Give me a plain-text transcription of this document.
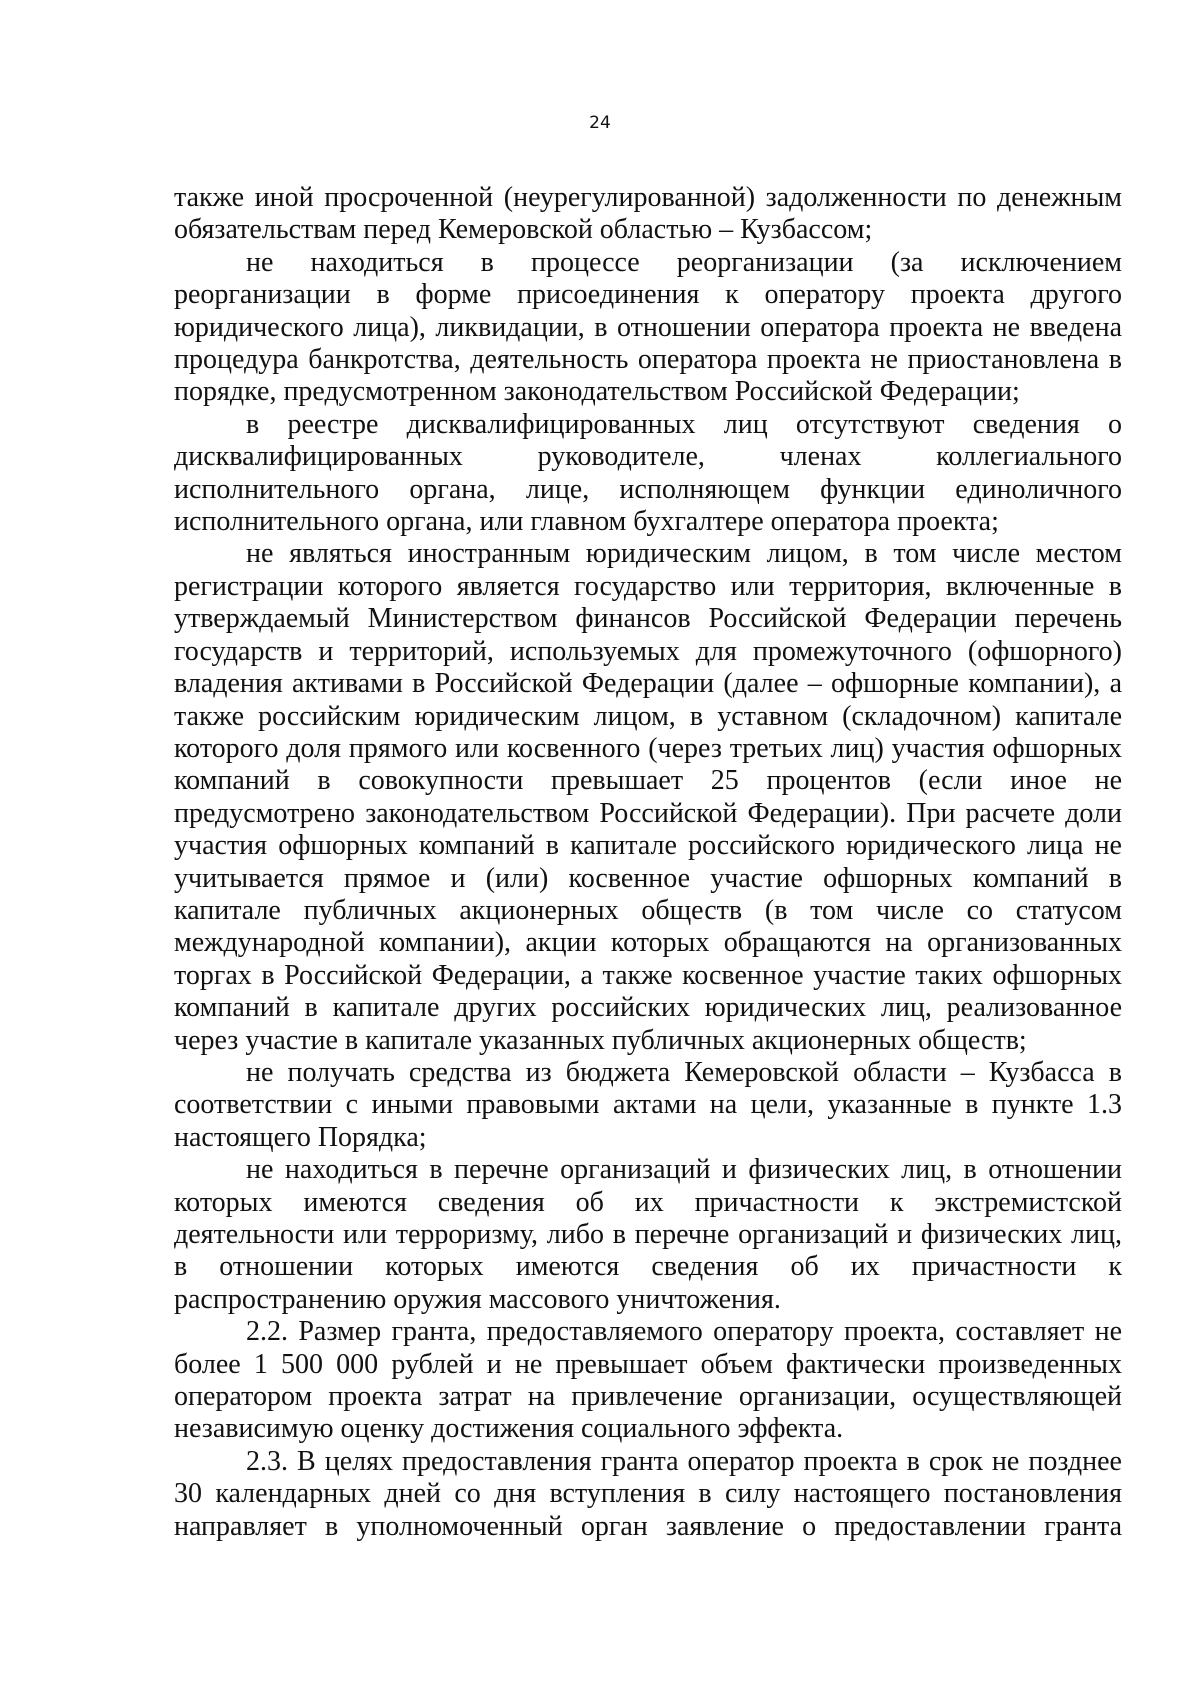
24

также иной просроченной (неурегулированной) задолженности по денежным обязательствам перед Кемеровской областью – Кузбассом;

не находиться в процессе реорганизации (за исключением реорганизации в форме присоединения к оператору проекта другого юридического лица), ликвидации, в отношении оператора проекта не введена процедура банкротства, деятельность оператора проекта не приостановлена в порядке, предусмотренном законодательством Российской Федерации;

в реестре дисквалифицированных лиц отсутствуют сведения о дисквалифицированных руководителе, членах коллегиального исполнительного органа, лице, исполняющем функции единоличного исполнительного органа, или главном бухгалтере оператора проекта;

не являться иностранным юридическим лицом, в том числе местом регистрации которого является государство или территория, включенные в утверждаемый Министерством финансов Российской Федерации перечень государств и территорий, используемых для промежуточного (офшорного) владения активами в Российской Федерации (далее – офшорные компании), а также российским юридическим лицом, в уставном (складочном) капитале которого доля прямого или косвенного (через третьих лиц) участия офшорных компаний в совокупности превышает 25 процентов (если иное не предусмотрено законодательством Российской Федерации). При расчете доли участия офшорных компаний в капитале российского юридического лица не учитывается прямое и (или) косвенное участие офшорных компаний в капитале публичных акционерных обществ (в том числе со статусом международной компании), акции которых обращаются на организованных торгах в Российской Федерации, а также косвенное участие таких офшорных компаний в капитале других российских юридических лиц, реализованное через участие в капитале указанных публичных акционерных обществ;

не получать средства из бюджета Кемеровской области – Кузбасса в соответствии с иными правовыми актами на цели, указанные в пункте 1.3 настоящего Порядка;

не находиться в перечне организаций и физических лиц, в отношении которых имеются сведения об их причастности к экстремистской деятельности или терроризму, либо в перечне организаций и физических лиц, в отношении которых имеются сведения об их причастности к распространению оружия массового уничтожения.

2.2. Размер гранта, предоставляемого оператору проекта, составляет не более 1 500 000 рублей и не превышает объем фактически произведенных оператором проекта затрат на привлечение организации, осуществляющей независимую оценку достижения социального эффекта.

2.3. В целях предоставления гранта оператор проекта в срок не позднее 30 календарных дней со дня вступления в силу настоящего постановления направляет в уполномоченный орган заявление о предоставлении гранта
